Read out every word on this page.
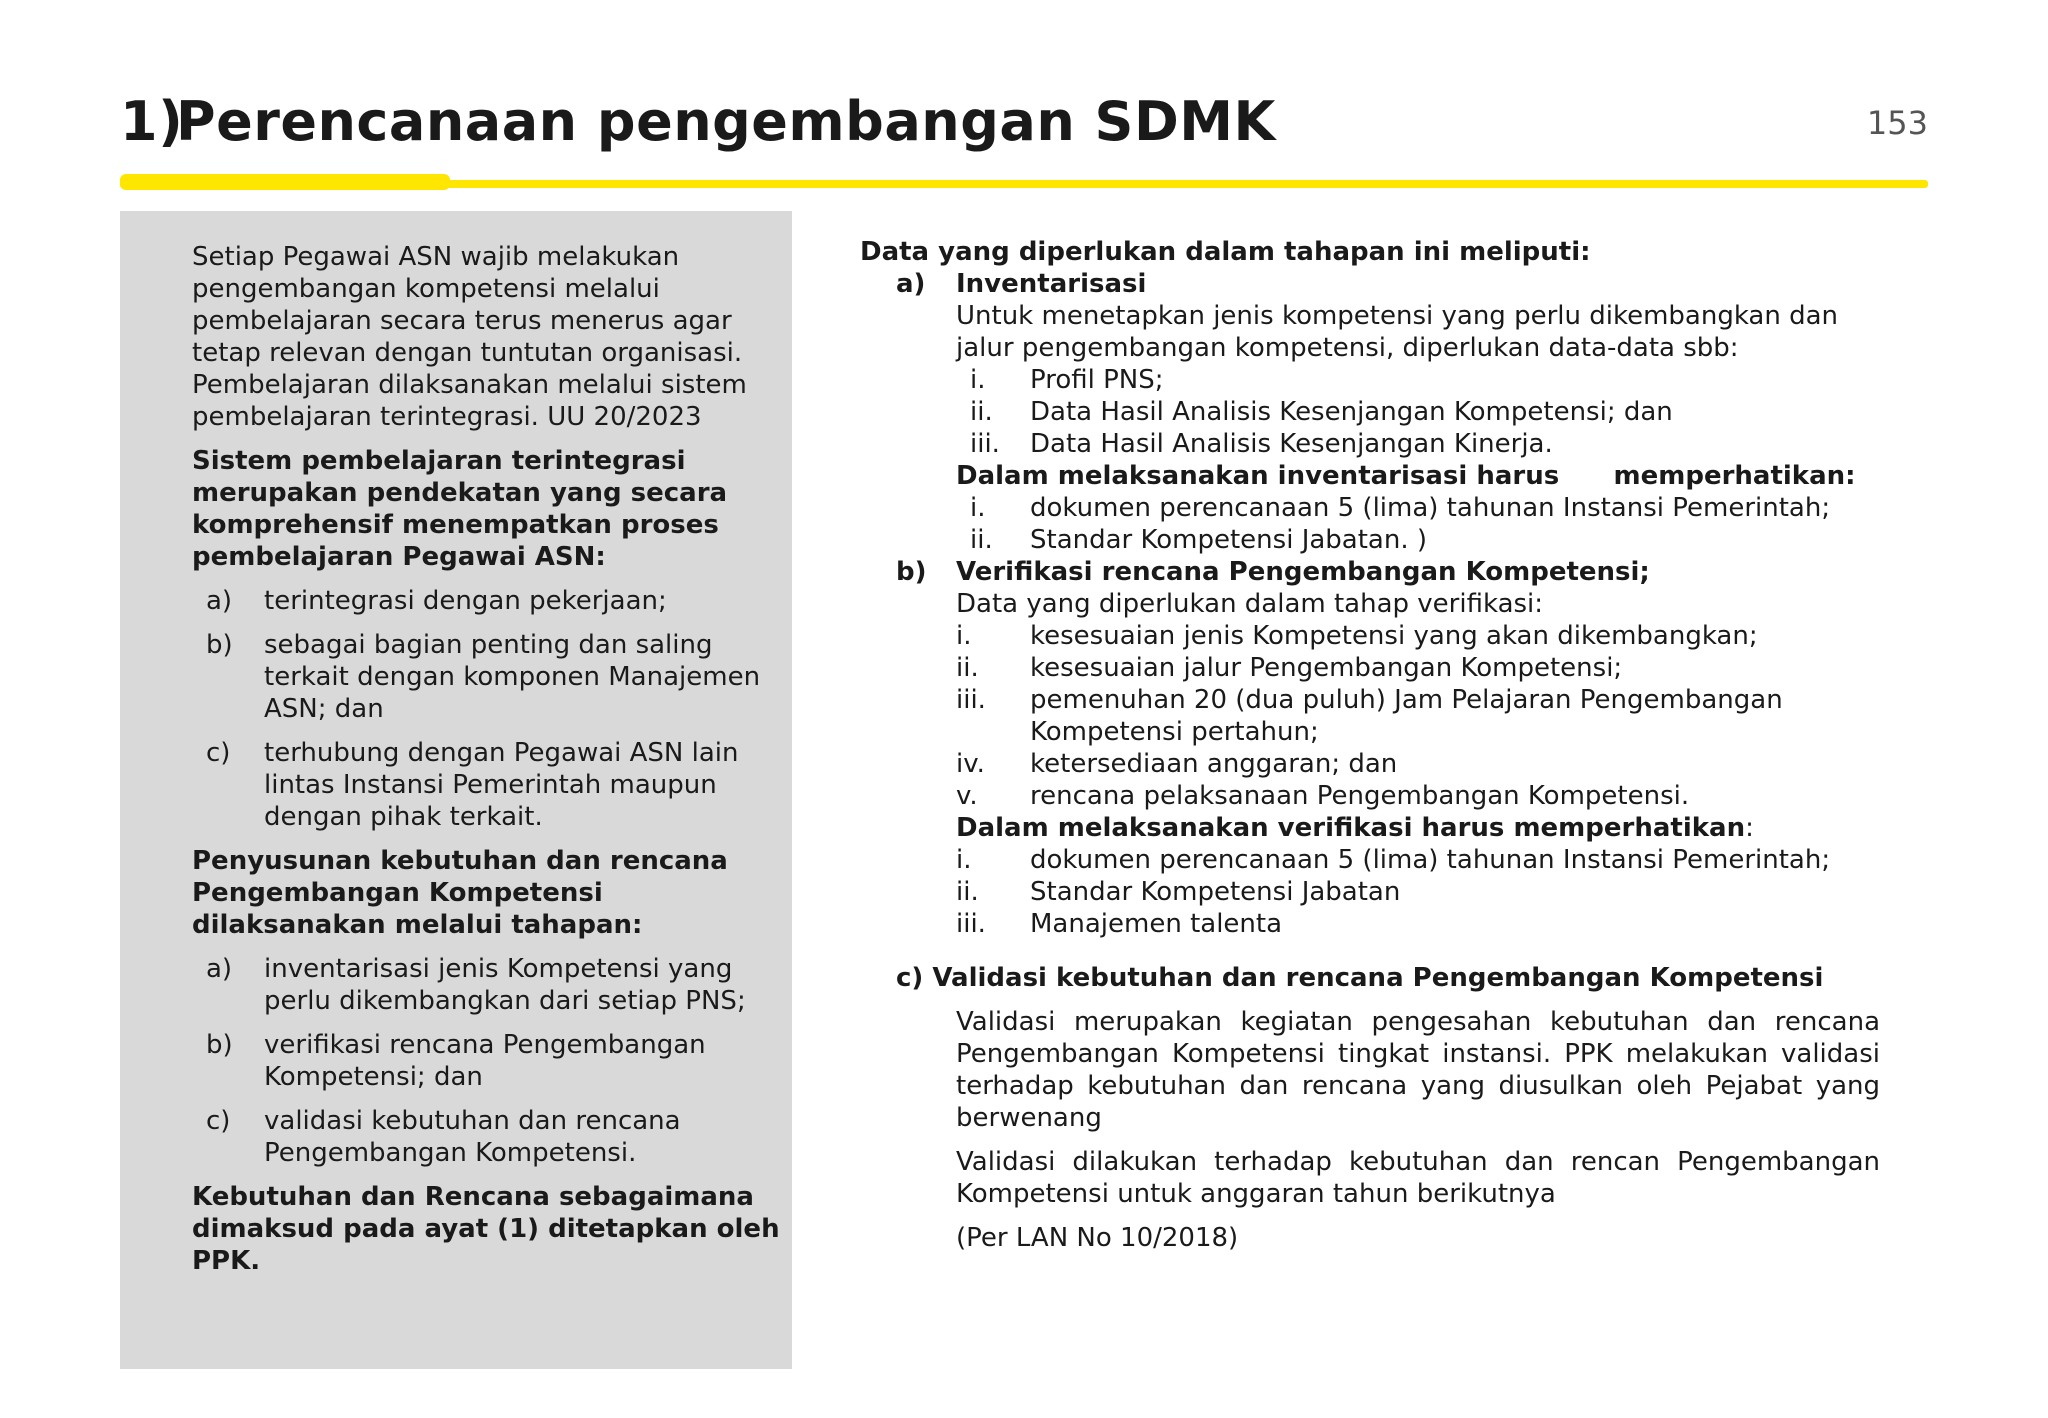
1)Perencanaan pengembangan SDMK	153

Setiap Pegawai ASN wajib melakukan pengembangan kompetensi melalui pembelajaran secara terus menerus agar tetap relevan dengan tuntutan organisasi. Pembelajaran dilaksanakan melalui sistem pembelajaran terintegrasi. UU 20/2023

Sistem pembelajaran terintegrasi merupakan pendekatan yang secara komprehensif menempatkan proses pembelajaran Pegawai ASN:

a)	terintegrasi dengan pekerjaan;
b)	sebagai bagian penting dan saling terkait dengan komponen Manajemen ASN; dan
c)	terhubung dengan Pegawai ASN lain lintas Instansi Pemerintah maupun dengan pihak terkait.

Penyusunan kebutuhan dan rencana Pengembangan Kompetensi dilaksanakan melalui tahapan:

a)	inventarisasi jenis Kompetensi yang perlu dikembangkan dari setiap PNS;
b)	verifikasi rencana Pengembangan Kompetensi; dan
c)	validasi kebutuhan dan rencana Pengembangan Kompetensi.

Kebutuhan dan Rencana sebagaimana dimaksud pada ayat (1) ditetapkan oleh PPK.

Data yang diperlukan dalam tahapan ini meliputi:
a)	Inventarisasi
Untuk menetapkan jenis kompetensi yang perlu dikembangkan dan jalur pengembangan kompetensi, diperlukan data-data sbb:
i.	Profil PNS;
ii.	Data Hasil Analisis Kesenjangan Kompetensi; dan
iii.	Data Hasil Analisis Kesenjangan Kinerja.
Dalam melaksanakan inventarisasi harus      memperhatikan:
i.	dokumen perencanaan 5 (lima) tahunan Instansi Pemerintah;
ii.	Standar Kompetensi Jabatan. )
b)	Verifikasi rencana Pengembangan Kompetensi;
Data yang diperlukan dalam tahap verifikasi:
i.	kesesuaian jenis Kompetensi yang akan dikembangkan;
ii.	kesesuaian jalur Pengembangan Kompetensi;
iii.	pemenuhan 20 (dua puluh) Jam Pelajaran Pengembangan Kompetensi pertahun;
iv.	ketersediaan anggaran; dan
v.	rencana pelaksanaan Pengembangan Kompetensi.
Dalam melaksanakan verifikasi harus memperhatikan:
i.	dokumen perencanaan 5 (lima) tahunan Instansi Pemerintah;
ii.	Standar Kompetensi Jabatan
iii.	Manajemen talenta
c) Validasi kebutuhan dan rencana Pengembangan Kompetensi
Validasi merupakan kegiatan pengesahan kebutuhan dan rencana Pengembangan Kompetensi tingkat instansi. PPK melakukan validasi terhadap kebutuhan dan rencana yang diusulkan oleh Pejabat yang berwenang
Validasi dilakukan terhadap kebutuhan dan rencan Pengembangan Kompetensi untuk anggaran tahun berikutnya
(Per LAN No 10/2018)
